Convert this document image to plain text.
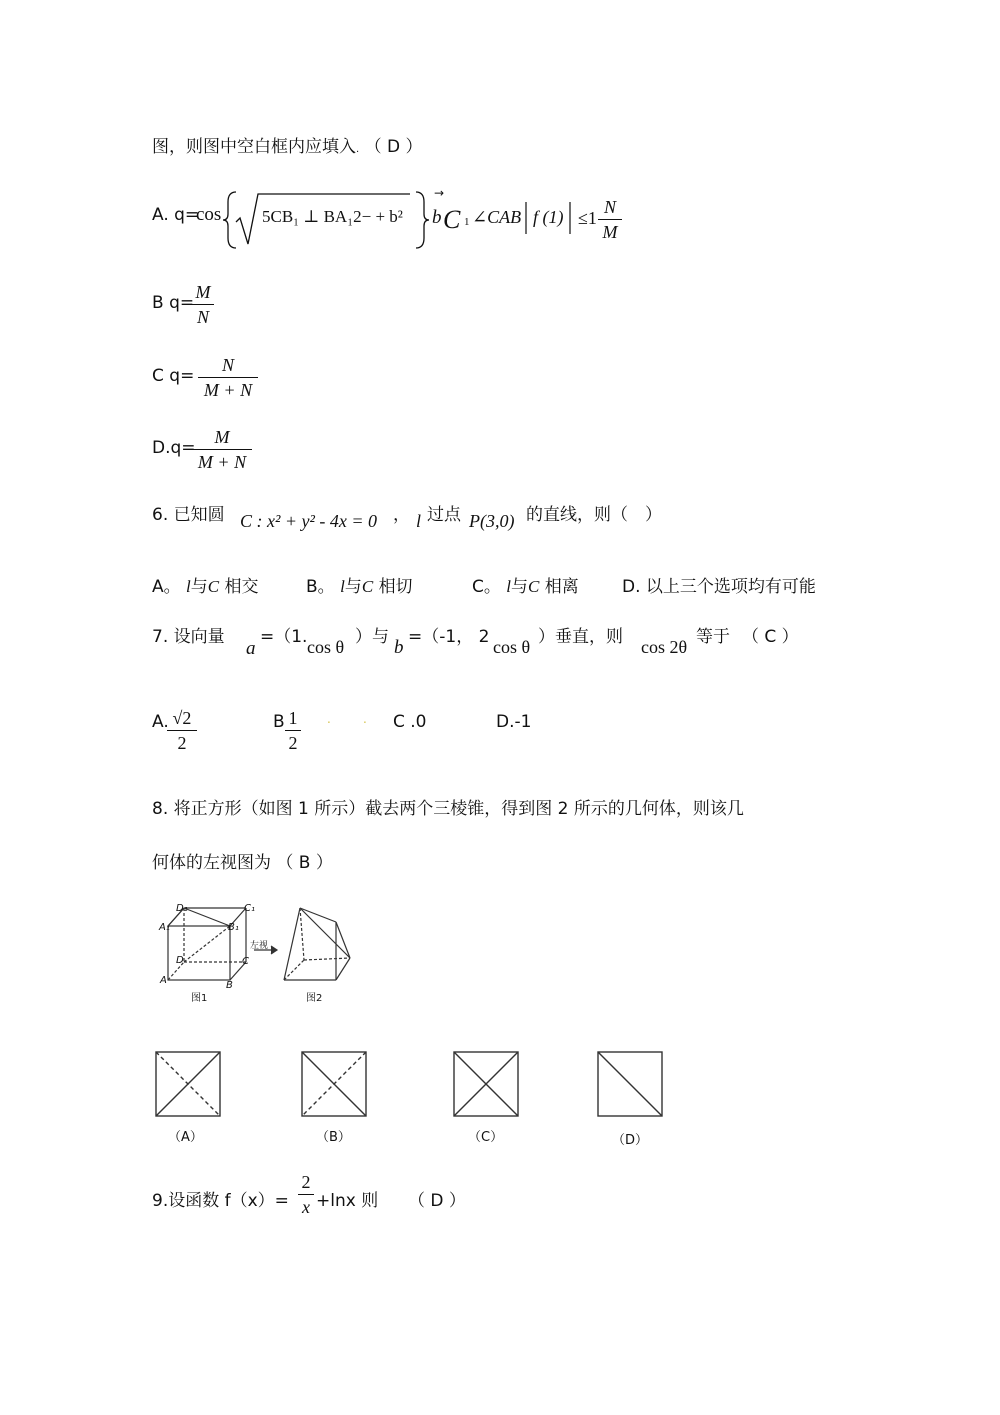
图，则图中空白框内应填入. （ D ）
A. q=
cos 5CB₁ ⊥ BA₁2− + b² b
→
C 1 ∠CAB f (1) ≤1
N
M
B q=
M
N
C q=
N
M + N
D.q=
M
M + N
6. 已知圆 C : x² + y² - 4x = 0 ， l 过点 P(3,0) 的直线，则（　）
A。 l与C 相交	B。 l与C 相切	C。 l与C 相离	D. 以上三个选项均有可能
7. 设向量
a
=（1. cos θ ）与 b =（-1， 2 cos θ ）垂直，则 cos 2θ 等于 （ C ）
A. √2
2
B 1
2
.	. C .0	D.-1
8. 将正方形（如图 1 所示）截去两个三棱锥，得到图 2 所示的几何体，则该几
何体的左视图为 （ B ）
左视
D₁	C₁
A₁	B₁
D	C
A	B
图1	图2
（A）	（B）	（C）	（D）
9.设函数 f（x）=
2
x +lnx 则 （ D ）
